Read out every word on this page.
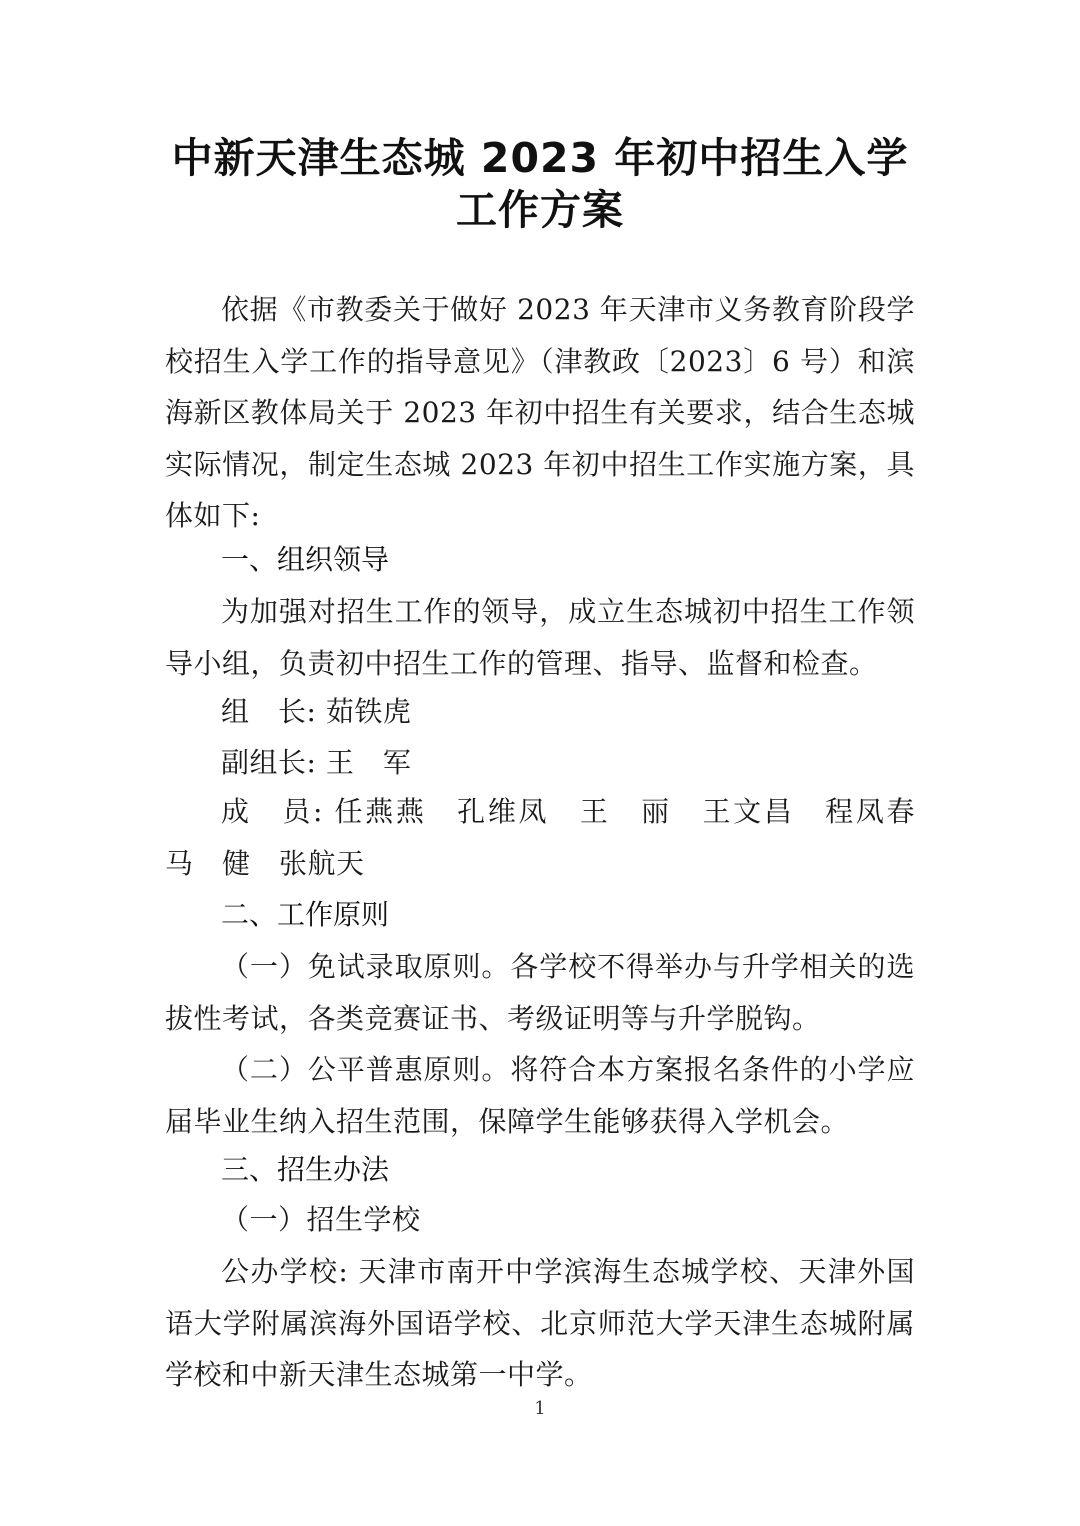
中新天津生态城 2023 年初中招生入学
工作方案
依据《市教委关于做好 2023 年天津市义务教育阶段学校招生入学工作的指导意见》（津教政〔2023〕6 号）和滨海新区教体局关于 2023 年初中招生有关要求，结合生态城实际情况，制定生态城 2023 年初中招生工作实施方案，具体如下:
一、组织领导
为加强对招生工作的领导，成立生态城初中招生工作领导小组，负责初中招生工作的管理、指导、监督和检查。
组　长: 茹铁虎
副组长: 王　军
成　员: 任燕燕　孔维凤　王　丽　王文昌　程凤春　马　健　张航天
二、工作原则
（一）免试录取原则。各学校不得举办与升学相关的选拔性考试，各类竞赛证书、考级证明等与升学脱钩。
（二）公平普惠原则。将符合本方案报名条件的小学应届毕业生纳入招生范围，保障学生能够获得入学机会。
三、招生办法
（一）招生学校
公办学校: 天津市南开中学滨海生态城学校、天津外国语大学附属滨海外国语学校、北京师范大学天津生态城附属学校和中新天津生态城第一中学。
1
